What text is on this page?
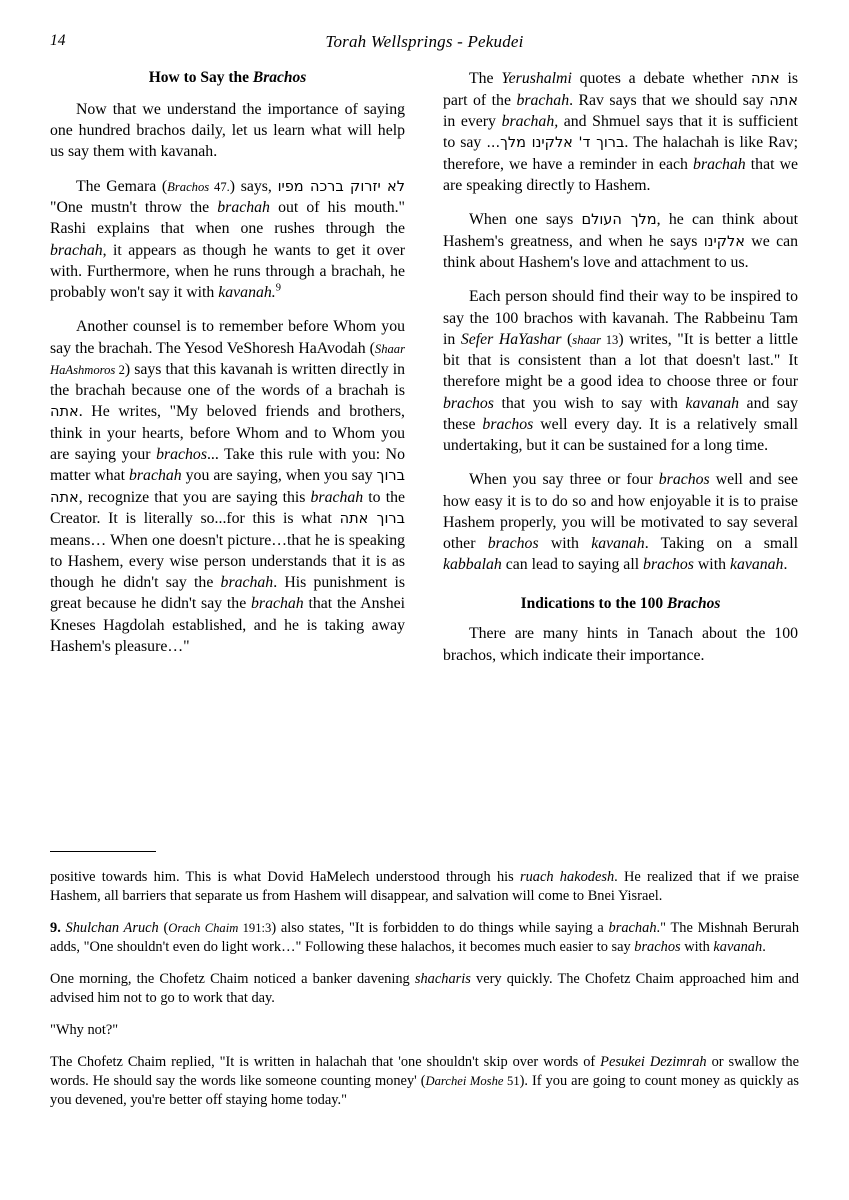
14	Torah Wellsprings - Pekudei
How to Say the Brachos

Now that we understand the importance of saying one hundred brachos daily, let us learn what will help us say them with kavanah.

The Gemara (Brachos 47.) says, לא יזרוק ברכה מפיו "One mustn't throw the brachah out of his mouth." Rashi explains that when one rushes through the brachah, it appears as though he wants to get it over with. Furthermore, when he runs through a brachah, he probably won't say it with kavanah.$^9$

Another counsel is to remember before Whom you say the brachah. The Yesod VeShoresh HaAvodah (Shaar HaAshmoros 2) says that this kavanah is written directly in the brachah because one of the words of a brachah is אתה. He writes, "My beloved friends and brothers, think in your hearts, before Whom and to Whom you are saying your brachos... Take this rule with you: No matter what brachah you are saying, when you say ברוך אתה, recognize that you are saying this brachah to the Creator. It is literally so...for this is what ברוך אתה means… When one doesn't picture…that he is speaking to Hashem, every wise person understands that it is as though he didn't say the brachah. His punishment is great because he didn't say the brachah that the Anshei Kneses Hagdolah established, and he is taking away Hashem's pleasure…"

The Yerushalmi quotes a debate whether אתה is part of the brachah. Rav says that we should say אתה in every brachah, and Shmuel says that it is sufficient to say ברוך ד' אלקינו מלך.... The halachah is like Rav; therefore, we have a reminder in each brachah that we are speaking directly to Hashem.

When one says מלך העולם, he can think about Hashem's greatness, and when he says אלקינו we can think about Hashem's love and attachment to us.

Each person should find their way to be inspired to say the 100 brachos with kavanah. The Rabbeinu Tam in Sefer HaYashar (shaar 13) writes, "It is better a little bit that is consistent than a lot that doesn't last." It therefore might be a good idea to choose three or four brachos that you wish to say with kavanah and say these brachos well every day. It is a relatively small undertaking, but it can be sustained for a long time.

When you say three or four brachos well and see how easy it is to do so and how enjoyable it is to praise Hashem properly, you will be motivated to say several other brachos with kavanah. Taking on a small kabbalah can lead to saying all brachos with kavanah.

Indications to the 100 Brachos

There are many hints in Tanach about the 100 brachos, which indicate their importance.

positive towards him. This is what Dovid HaMelech understood through his ruach hakodesh. He realized that if we praise Hashem, all barriers that separate us from Hashem will disappear, and salvation will come to Bnei Yisrael.

9. Shulchan Aruch (Orach Chaim 191:3) also states, "It is forbidden to do things while saying a brachah." The Mishnah Berurah adds, "One shouldn't even do light work…" Following these halachos, it becomes much easier to say brachos with kavanah.

One morning, the Chofetz Chaim noticed a banker davening shacharis very quickly. The Chofetz Chaim approached him and advised him not to go to work that day.

"Why not?"

The Chofetz Chaim replied, "It is written in halachah that 'one shouldn't skip over words of Pesukei Dezimrah or swallow the words. He should say the words like someone counting money' (Darchei Moshe 51). If you are going to count money as quickly as you devened, you're better off staying home today."
